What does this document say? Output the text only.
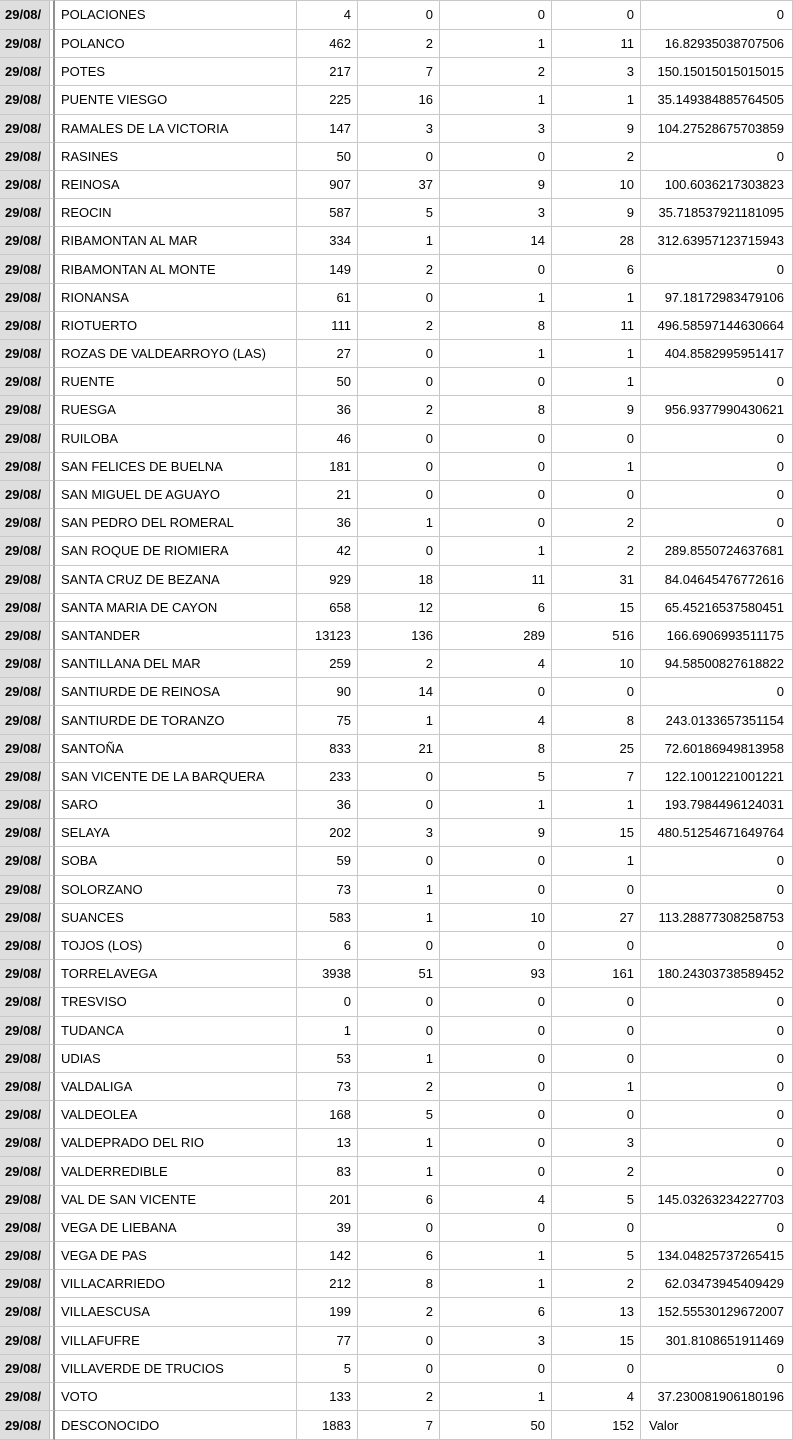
29/08/	POLACIONES	4	0	0	0	0
29/08/	POLANCO	462	2	1	11	16.82935038707506
29/08/	POTES	217	7	2	3	150.15015015015015
29/08/	PUENTE VIESGO	225	16	1	1	35.149384885764505
29/08/	RAMALES DE LA VICTORIA	147	3	3	9	104.27528675703859
29/08/	RASINES	50	0	0	2	0
29/08/	REINOSA	907	37	9	10	100.6036217303823
29/08/	REOCIN	587	5	3	9	35.718537921181095
29/08/	RIBAMONTAN AL MAR	334	1	14	28	312.63957123715943
29/08/	RIBAMONTAN AL MONTE	149	2	0	6	0
29/08/	RIONANSA	61	0	1	1	97.18172983479106
29/08/	RIOTUERTO	111	2	8	11	496.58597144630664
29/08/	ROZAS DE VALDEARROYO (LAS)	27	0	1	1	404.8582995951417
29/08/	RUENTE	50	0	0	1	0
29/08/	RUESGA	36	2	8	9	956.9377990430621
29/08/	RUILOBA	46	0	0	0	0
29/08/	SAN FELICES DE BUELNA	181	0	0	1	0
29/08/	SAN MIGUEL DE AGUAYO	21	0	0	0	0
29/08/	SAN PEDRO DEL ROMERAL	36	1	0	2	0
29/08/	SAN ROQUE DE RIOMIERA	42	0	1	2	289.8550724637681
29/08/	SANTA CRUZ DE BEZANA	929	18	11	31	84.04645476772616
29/08/	SANTA MARIA DE CAYON	658	12	6	15	65.45216537580451
29/08/	SANTANDER	13123	136	289	516	166.6906993511175
29/08/	SANTILLANA DEL MAR	259	2	4	10	94.58500827618822
29/08/	SANTIURDE DE REINOSA	90	14	0	0	0
29/08/	SANTIURDE DE TORANZO	75	1	4	8	243.0133657351154
29/08/	SANTOÑA	833	21	8	25	72.60186949813958
29/08/	SAN VICENTE DE LA BARQUERA	233	0	5	7	122.1001221001221
29/08/	SARO	36	0	1	1	193.7984496124031
29/08/	SELAYA	202	3	9	15	480.51254671649764
29/08/	SOBA	59	0	0	1	0
29/08/	SOLORZANO	73	1	0	0	0
29/08/	SUANCES	583	1	10	27	113.28877308258753
29/08/	TOJOS (LOS)	6	0	0	0	0
29/08/	TORRELAVEGA	3938	51	93	161	180.24303738589452
29/08/	TRESVISO	0	0	0	0	0
29/08/	TUDANCA	1	0	0	0	0
29/08/	UDIAS	53	1	0	0	0
29/08/	VALDALIGA	73	2	0	1	0
29/08/	VALDEOLEA	168	5	0	0	0
29/08/	VALDEPRADO DEL RIO	13	1	0	3	0
29/08/	VALDERREDIBLE	83	1	0	2	0
29/08/	VAL DE SAN VICENTE	201	6	4	5	145.03263234227703
29/08/	VEGA DE LIEBANA	39	0	0	0	0
29/08/	VEGA DE PAS	142	6	1	5	134.04825737265415
29/08/	VILLACARRIEDO	212	8	1	2	62.03473945409429
29/08/	VILLAESCUSA	199	2	6	13	152.55530129672007
29/08/	VILLAFUFRE	77	0	3	15	301.8108651911469
29/08/	VILLAVERDE DE TRUCIOS	5	0	0	0	0
29/08/	VOTO	133	2	1	4	37.230081906180196
29/08/	DESCONOCIDO	1883	7	50	152	Valor
